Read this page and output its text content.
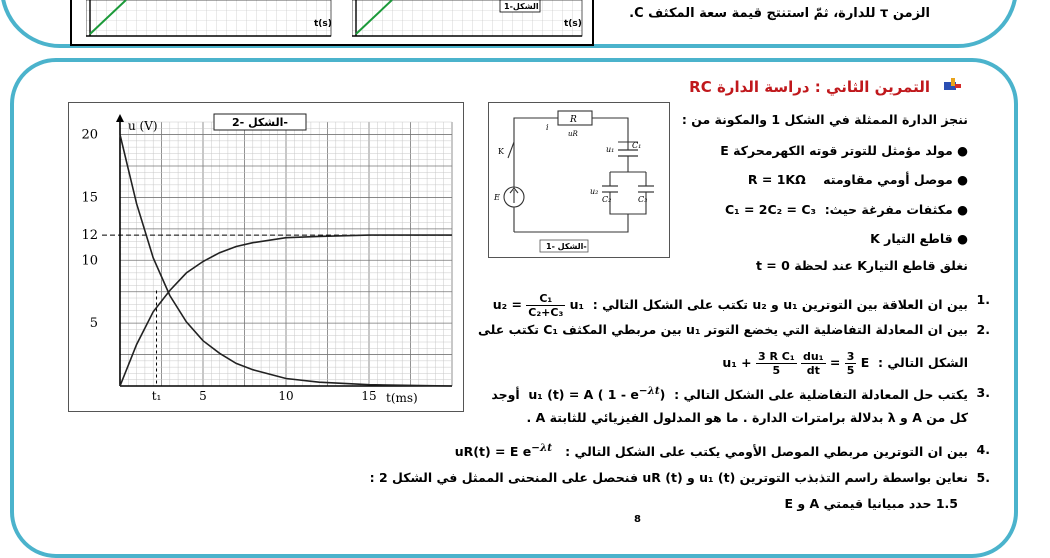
t(s)
الشكل-1
t(s)
الزمن τ للدارة، ثمّ استنتج قيمة سعة المكثف C.
التمرين الثاني : دراسة الدارة RC
ننجز الدارة الممثلة في الشكل 1 والمكونة من :
● مولد مؤمثل للتوتر قوته الكهرمحركة E
● موصل أومي مقاومته    R = 1KΩ
● مكثفات مفرغة حيث:  C₁ = 2C₂ = C₃
● قاطع التيار K
نغلق قاطع التيارK عند لحظة t = 0
1.
بين ان العلاقة بين التوترين u₁ و u₂ تكتب على الشكل التالي :  $u_2 = \frac{\text{C₁}}{\text{C₂+C₃}} u_1$
2.
بين ان المعادلة التفاضلية التي يخضع التوتر u₁ بين مربطي المكثف C₁ تكتب على
الشكل التالي :  $u_1 + \frac{\text{3 R C₁}}{5}$
$\frac{\text{du₁}}{dt} = \frac{3}{5}$ E
3.
يكتب حل المعادلة التفاضلية على الشكل التالي :  u₁ (t) = A ( $1 - e^{-\lambda t}$)  أوجد
كل من A و λ بدلالة برامترات الدارة . ما هو المدلول الفيزيائي للثابتة A .
4.
بين ان التوترين مربطي الموصل الأومي يكتب على الشكل التالي :   uR(t) = E $e^{-\lambda t}$
5.
نعاين بواسطة راسم التذبذب التوترين u₁ (t) و uR (t) فنحصل على المنحنى الممثل في الشكل 2 :
1.5 حدد مبيانيا قيمتي A و E
8
R
i
uR
u₁ C₁
u₂
C₂	C₃
K
E
الشكل -1-
t₁	5	10	15
5
10
12
15
20
الشكل -2-
u (V)
t(ms)
